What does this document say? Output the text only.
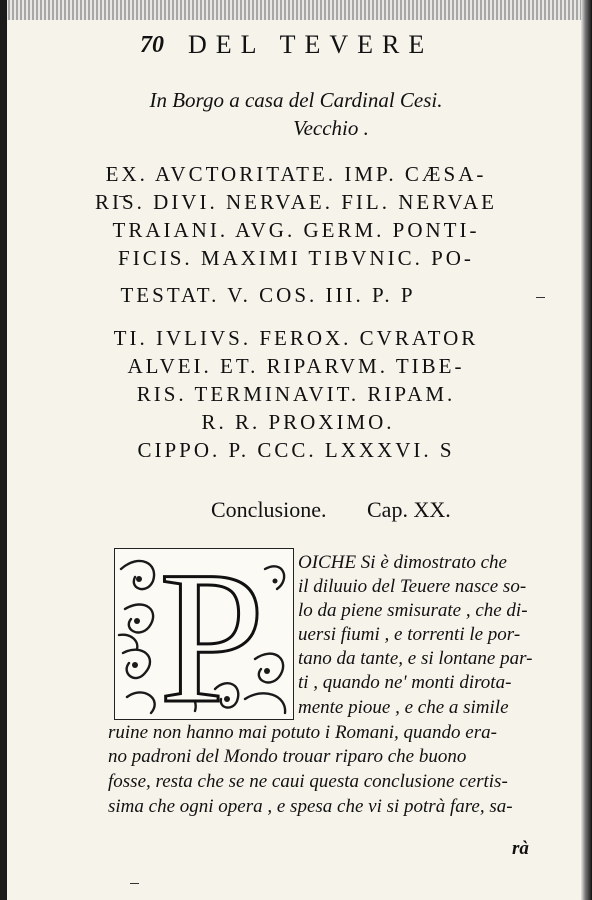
70 DEL TEVERE
In Borgo a casa del Cardinal Cesi.
Vecchio .
EX. AVCTORITATE. IMP. CÆSA-
RIS. DIVI. NERVAE. FIL. NERVAE
TRAIANI. AVG. GERM. PONTI-
FICIS. MAXIMI TIBVNIC. PO-
TESTAT. V. COS. III. P. P
TI. IVLIVS. FEROX. CVRATOR
ALVEI. ET. RIPARVM. TIBE-
RIS. TERMINAVIT. RIPAM.
R. R. PROXIMO.
CIPPO. P. CCC. LXXXVI. S
Conclusione. Cap. XX.
P OICHE Si è dimostrato che
il diluuio del Teuere nasce so-
lo da piene smisurate , che di-
uersi fiumi , e torrenti le por-
tano da tante, e si lontane par-
ti , quando ne' monti dirota-
mente pioue , e che a simile
ruine non hanno mai potuto i Romani, quando era-
no padroni del Mondo trouar riparo che buono
fosse, resta che se ne caui questa conclusione certis-
sima che ogni opera , e spesa che vi si potrà fare, sa-
rà
